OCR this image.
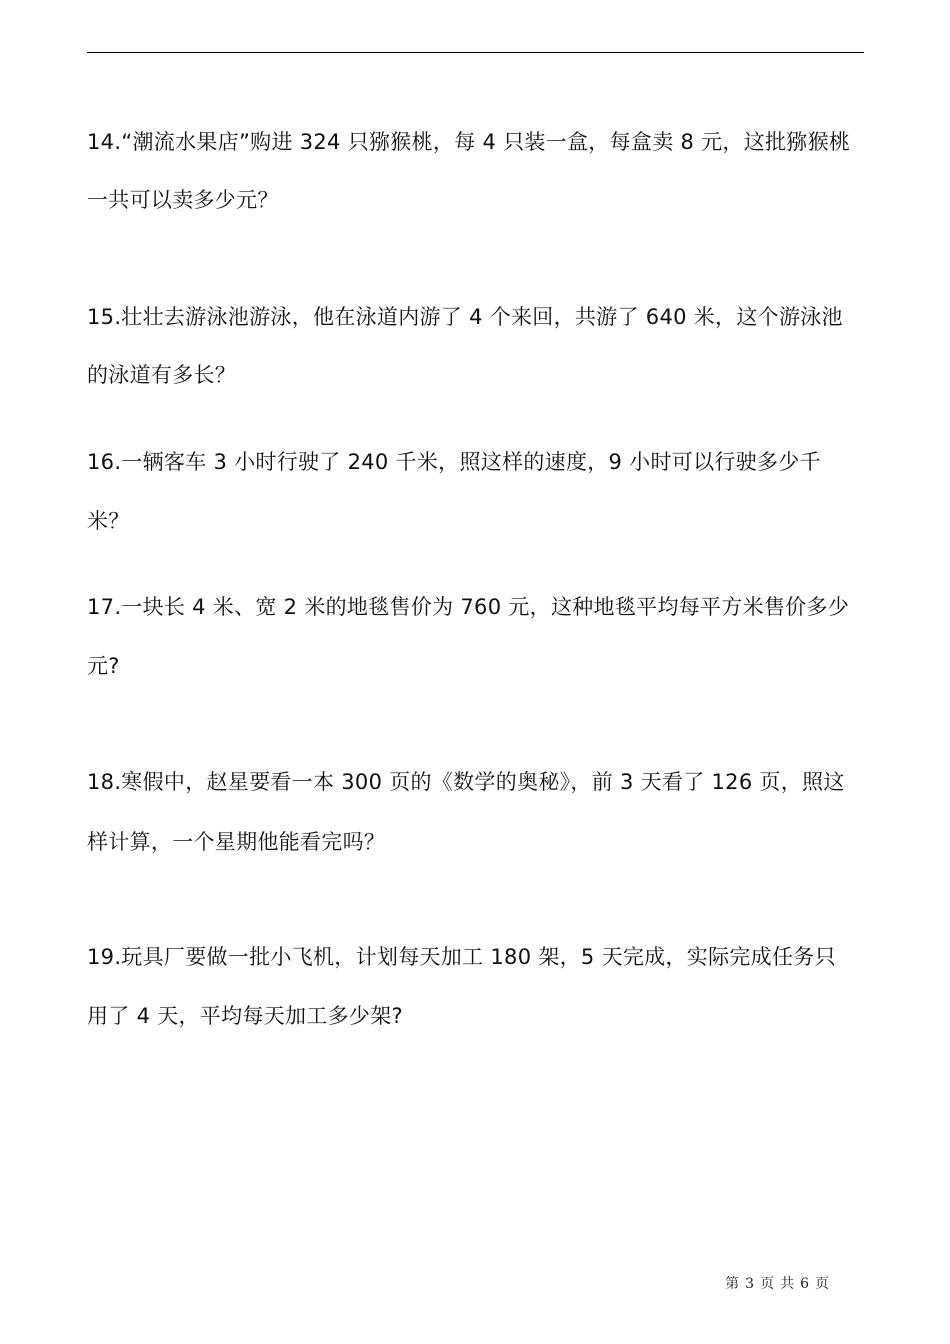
14.“潮流水果店”购进 324 只猕猴桃，每 4 只装一盒，每盒卖 8 元，这批猕猴桃
一共可以卖多少元？
15.壮壮去游泳池游泳，他在泳道内游了 4 个来回，共游了 640 米，这个游泳池
的泳道有多长？
16.一辆客车 3 小时行驶了 240 千米，照这样的速度，9 小时可以行驶多少千
米？
17.一块长 4 米、宽 2 米的地毯售价为 760 元，这种地毯平均每平方米售价多少
元?
18.寒假中，赵星要看一本 300 页的《数学的奥秘》，前 3 天看了 126 页，照这
样计算，一个星期他能看完吗？
19.玩具厂要做一批小飞机，计划每天加工 180 架，5 天完成，实际完成任务只
用了 4 天，平均每天加工多少架?
第 3 页 共 6 页
